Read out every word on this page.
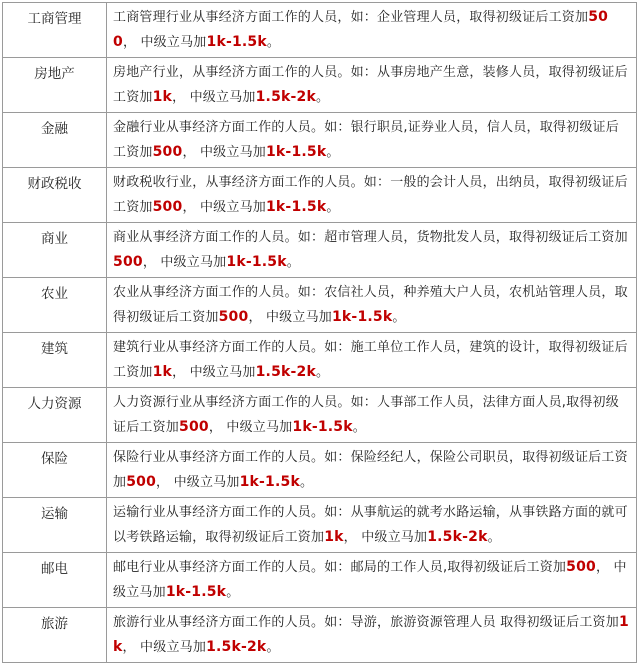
工商管理	工商管理行业从事经济方面工作的人员，如：企业管理人员，取得初级证后工资加500， 中级立马加1k-1.5k。
房地产	房地产行业，从事经济方面工作的人员。如：从事房地产生意，装修人员，取得初级证后工资加1k， 中级立马加1.5k-2k。
金融	金融行业从事经济方面工作的人员。如：银行职员,证券业人员，信人员，取得初级证后工资加500， 中级立马加1k-1.5k。
财政税收	财政税收行业，从事经济方面工作的人员。如：一般的会计人员，出纳员，取得初级证后工资加500， 中级立马加1k-1.5k。
商业	商业从事经济方面工作的人员。如：超市管理人员，货物批发人员，取得初级证后工资加500， 中级立马加1k-1.5k。
农业	农业从事经济方面工作的人员。如：农信社人员，种养殖大户人员，农机站管理人员，取得初级证后工资加500， 中级立马加1k-1.5k。
建筑	建筑行业从事经济方面工作的人员。如：施工单位工作人员，建筑的设计，取得初级证后工资加1k， 中级立马加1.5k-2k。
人力资源	人力资源行业从事经济方面工作的人员。如：人事部工作人员，法律方面人员,取得初级证后工资加500， 中级立马加1k-1.5k。
保险	保险行业从事经济方面工作的人员。如：保险经纪人，保险公司职员，取得初级证后工资加500， 中级立马加1k-1.5k。
运输	运输行业从事经济方面工作的人员。如：从事航运的就考水路运输，从事铁路方面的就可以考铁路运输，取得初级证后工资加1k， 中级立马加1.5k-2k。
邮电	邮电行业从事经济方面工作的人员。如：邮局的工作人员,取得初级证后工资加500， 中级立马加1k-1.5k。
旅游	旅游行业从事经济方面工作的人员。如：导游，旅游资源管理人员 取得初级证后工资加1k， 中级立马加1.5k-2k。
